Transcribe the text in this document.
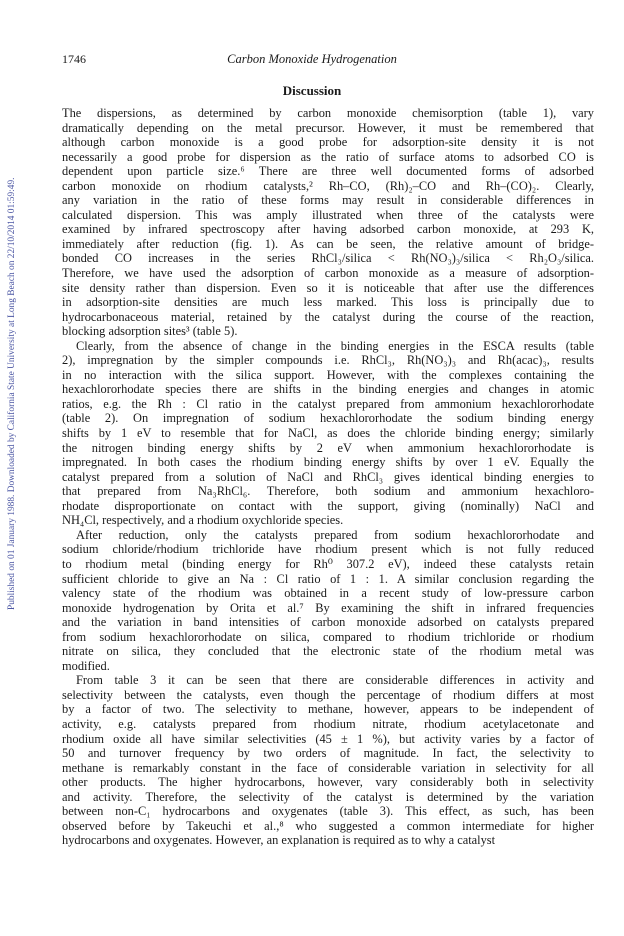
1746	Carbon Monoxide Hydrogenation
Published on 01 January 1988. Downloaded by California State University at Long Beach on 22/10/2014 01:59:49.
Discussion

The dispersions, as determined by carbon monoxide chemisorption (table 1), vary
dramatically depending on the metal precursor. However, it must be remembered that
although carbon monoxide is a good probe for adsorption-site density it is not
necessarily a good probe for dispersion as the ratio of surface atoms to adsorbed CO is
dependent upon particle size.⁶ There are three well documented forms of adsorbed
carbon monoxide on rhodium catalysts,² Rh–CO, (Rh)₂–CO and Rh–(CO)₂. Clearly,
any variation in the ratio of these forms may result in considerable differences in
calculated dispersion. This was amply illustrated when three of the catalysts were
examined by infrared spectroscopy after having adsorbed carbon monoxide, at 293 K,
immediately after reduction (fig. 1). As can be seen, the relative amount of bridge-
bonded CO increases in the series RhCl₃/silica < Rh(NO₃)₃/silica < Rh₂O₃/silica.
Therefore, we have used the adsorption of carbon monoxide as a measure of adsorption-
site density rather than dispersion. Even so it is noticeable that after use the differences
in adsorption-site densities are much less marked. This loss is principally due to
hydrocarbonaceous material, retained by the catalyst during the course of the reaction,
blocking adsorption sites³ (table 5).

Clearly, from the absence of change in the binding energies in the ESCA results (table
2), impregnation by the simpler compounds i.e. RhCl₃, Rh(NO₃)₃ and Rh(acac)₃, results
in no interaction with the silica support. However, with the complexes containing the
hexachlororhodate species there are shifts in the binding energies and changes in atomic
ratios, e.g. the Rh : Cl ratio in the catalyst prepared from ammonium hexachlororhodate
(table 2). On impregnation of sodium hexachlororhodate the sodium binding energy
shifts by 1 eV to resemble that for NaCl, as does the chloride binding energy; similarly
the nitrogen binding energy shifts by 2 eV when ammonium hexachlororhodate is
impregnated. In both cases the rhodium binding energy shifts by over 1 eV. Equally the
catalyst prepared from a solution of NaCl and RhCl₃ gives identical binding energies to
that prepared from Na₃RhCl₆. Therefore, both sodium and ammonium hexachloro-
rhodate disproportionate on contact with the support, giving (nominally) NaCl and
NH₄Cl, respectively, and a rhodium oxychloride species.

After reduction, only the catalysts prepared from sodium hexachlororhodate and
sodium chloride/rhodium trichloride have rhodium present which is not fully reduced
to rhodium metal (binding energy for Rh⁰ 307.2 eV), indeed these catalysts retain
sufficient chloride to give an Na : Cl ratio of 1 : 1. A similar conclusion regarding the
valency state of the rhodium was obtained in a recent study of low-pressure carbon
monoxide hydrogenation by Orita et al.⁷ By examining the shift in infrared frequencies
and the variation in band intensities of carbon monoxide adsorbed on catalysts prepared
from sodium hexachlororhodate on silica, compared to rhodium trichloride or rhodium
nitrate on silica, they concluded that the electronic state of the rhodium metal was
modified.

From table 3 it can be seen that there are considerable differences in activity and
selectivity between the catalysts, even though the percentage of rhodium differs at most
by a factor of two. The selectivity to methane, however, appears to be independent of
activity, e.g. catalysts prepared from rhodium nitrate, rhodium acetylacetonate and
rhodium oxide all have similar selectivities (45 ± 1 %), but activity varies by a factor of
50 and turnover frequency by two orders of magnitude. In fact, the selectivity to
methane is remarkably constant in the face of considerable variation in selectivity for all
other products. The higher hydrocarbons, however, vary considerably both in selectivity
and activity. Therefore, the selectivity of the catalyst is determined by the variation
between non-C₁ hydrocarbons and oxygenates (table 3). This effect, as such, has been
observed before by Takeuchi et al.,⁸ who suggested a common intermediate for higher
hydrocarbons and oxygenates. However, an explanation is required as to why a catalyst
